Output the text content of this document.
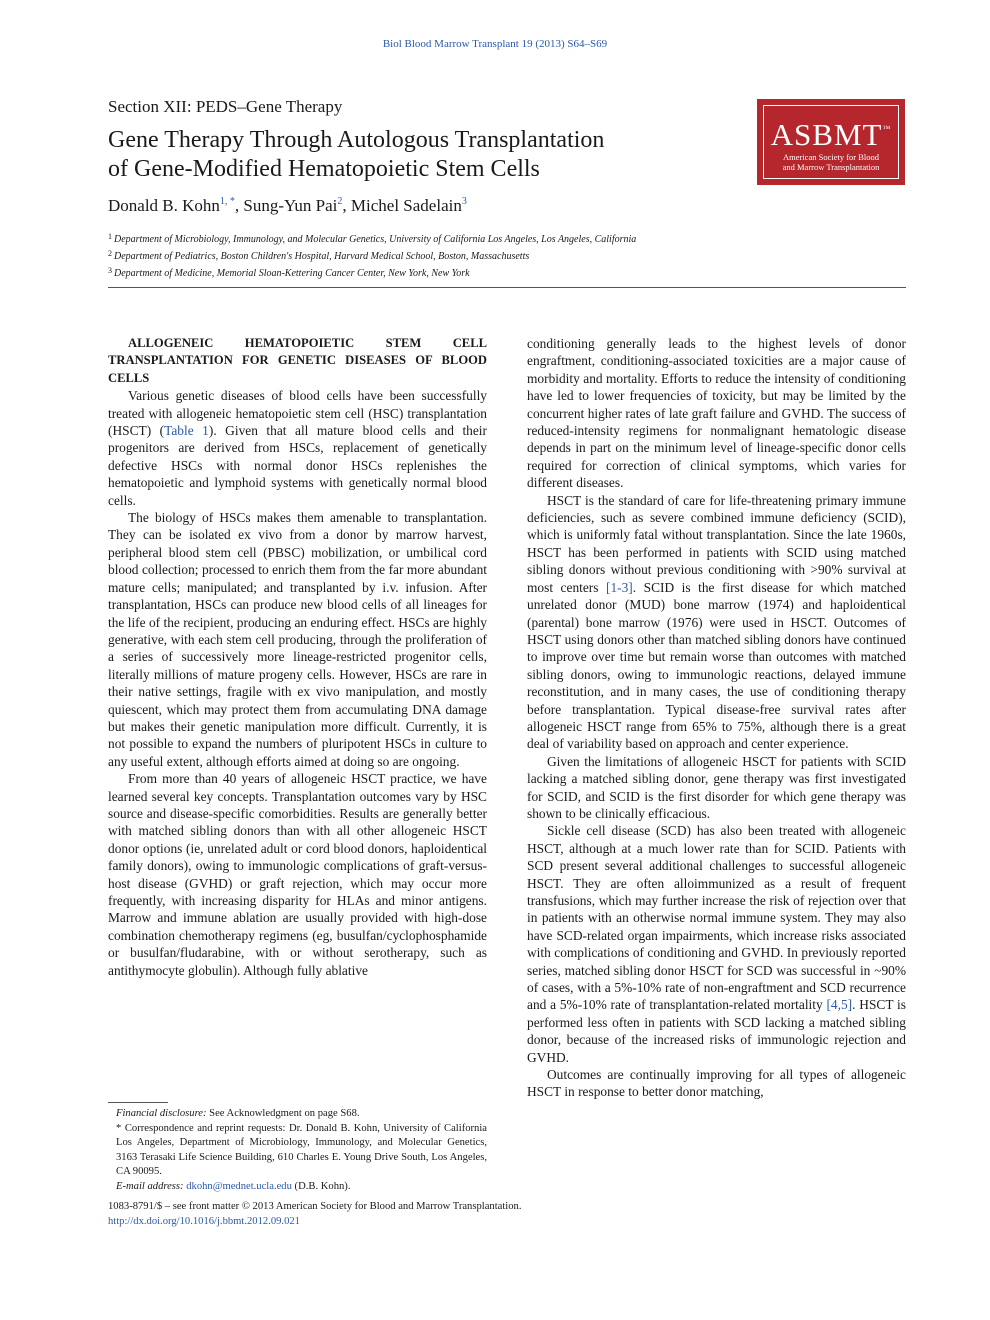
Biol Blood Marrow Transplant 19 (2013) S64–S69
Section XII: PEDS–Gene Therapy
Gene Therapy Through Autologous Transplantation
of Gene-Modified Hematopoietic Stem Cells
ASBMT™
American Society for Blood
and Marrow Transplantation
Donald B. Kohn$^{1, *}$, Sung-Yun Pai$^2$, Michel Sadelain$^3$
$^1$ Department of Microbiology, Immunology, and Molecular Genetics, University of California Los Angeles, Los Angeles, California
$^2$ Department of Pediatrics, Boston Children's Hospital, Harvard Medical School, Boston, Massachusetts
$^3$ Department of Medicine, Memorial Sloan-Kettering Cancer Center, New York, New York

ALLOGENEIC HEMATOPOIETIC STEM CELL TRANSPLANTATION FOR GENETIC DISEASES OF BLOOD CELLS

Various genetic diseases of blood cells have been successfully treated with allogeneic hematopoietic stem cell (HSC) transplantation (HSCT) (Table 1). Given that all mature blood cells and their progenitors are derived from HSCs, replacement of genetically defective HSCs with normal donor HSCs replenishes the hematopoietic and lymphoid systems with genetically normal blood cells.

The biology of HSCs makes them amenable to transplantation. They can be isolated ex vivo from a donor by marrow harvest, peripheral blood stem cell (PBSC) mobilization, or umbilical cord blood collection; processed to enrich them from the far more abundant mature cells; manipulated; and transplanted by i.v. infusion. After transplantation, HSCs can produce new blood cells of all lineages for the life of the recipient, producing an enduring effect. HSCs are highly generative, with each stem cell producing, through the proliferation of a series of successively more lineage-restricted progenitor cells, literally millions of mature progeny cells. However, HSCs are rare in their native settings, fragile with ex vivo manipulation, and mostly quiescent, which may protect them from accumulating DNA damage but makes their genetic manipulation more difficult. Currently, it is not possible to expand the numbers of pluripotent HSCs in culture to any useful extent, although efforts aimed at doing so are ongoing.

From more than 40 years of allogeneic HSCT practice, we have learned several key concepts. Transplantation outcomes vary by HSC source and disease-specific comorbidities. Results are generally better with matched sibling donors than with all other allogeneic HSCT donor options (ie, unrelated adult or cord blood donors, haploidentical family donors), owing to immunologic complications of graft-versus-host disease (GVHD) or graft rejection, which may occur more frequently, with increasing disparity for HLAs and minor antigens. Marrow and immune ablation are usually provided with high-dose combination chemotherapy regimens (eg, busulfan/cyclophosphamide or busulfan/fludarabine, with or without serotherapy, such as antithymocyte globulin). Although fully ablative

conditioning generally leads to the highest levels of donor engraftment, conditioning-associated toxicities are a major cause of morbidity and mortality. Efforts to reduce the intensity of conditioning have led to lower frequencies of toxicity, but may be limited by the concurrent higher rates of late graft failure and GVHD. The success of reduced-intensity regimens for nonmalignant hematologic disease depends in part on the minimum level of lineage-specific donor cells required for correction of clinical symptoms, which varies for different diseases.

HSCT is the standard of care for life-threatening primary immune deficiencies, such as severe combined immune deficiency (SCID), which is uniformly fatal without transplantation. Since the late 1960s, HSCT has been performed in patients with SCID using matched sibling donors without previous conditioning with >90% survival at most centers [1-3]. SCID is the first disease for which matched unrelated donor (MUD) bone marrow (1974) and haploidentical (parental) bone marrow (1976) were used in HSCT. Outcomes of HSCT using donors other than matched sibling donors have continued to improve over time but remain worse than outcomes with matched sibling donors, owing to immunologic reactions, delayed immune reconstitution, and in many cases, the use of conditioning therapy before transplantation. Typical disease-free survival rates after allogeneic HSCT range from 65% to 75%, although there is a great deal of variability based on approach and center experience.

Given the limitations of allogeneic HSCT for patients with SCID lacking a matched sibling donor, gene therapy was first investigated for SCID, and SCID is the first disorder for which gene therapy was shown to be clinically efficacious.

Sickle cell disease (SCD) has also been treated with allogeneic HSCT, although at a much lower rate than for SCID. Patients with SCD present several additional challenges to successful allogeneic HSCT. They are often alloimmunized as a result of frequent transfusions, which may further increase the risk of rejection over that in patients with an otherwise normal immune system. They may also have SCD-related organ impairments, which increase risks associated with complications of conditioning and GVHD. In previously reported series, matched sibling donor HSCT for SCD was successful in ~90% of cases, with a 5%-10% rate of non-engraftment and SCD recurrence and a 5%-10% rate of transplantation-related mortality [4,5]. HSCT is performed less often in patients with SCD lacking a matched sibling donor, because of the increased risks of immunologic rejection and GVHD.

Outcomes are continually improving for all types of allogeneic HSCT in response to better donor matching,

Financial disclosure: See Acknowledgment on page S68.

* Correspondence and reprint requests: Dr. Donald B. Kohn, University of California Los Angeles, Department of Microbiology, Immunology, and Molecular Genetics, 3163 Terasaki Life Science Building, 610 Charles E. Young Drive South, Los Angeles, CA 90095.

E-mail address: dkohn@mednet.ucla.edu (D.B. Kohn).

1083-8791/$ – see front matter © 2013 American Society for Blood and Marrow Transplantation.
http://dx.doi.org/10.1016/j.bbmt.2012.09.021
